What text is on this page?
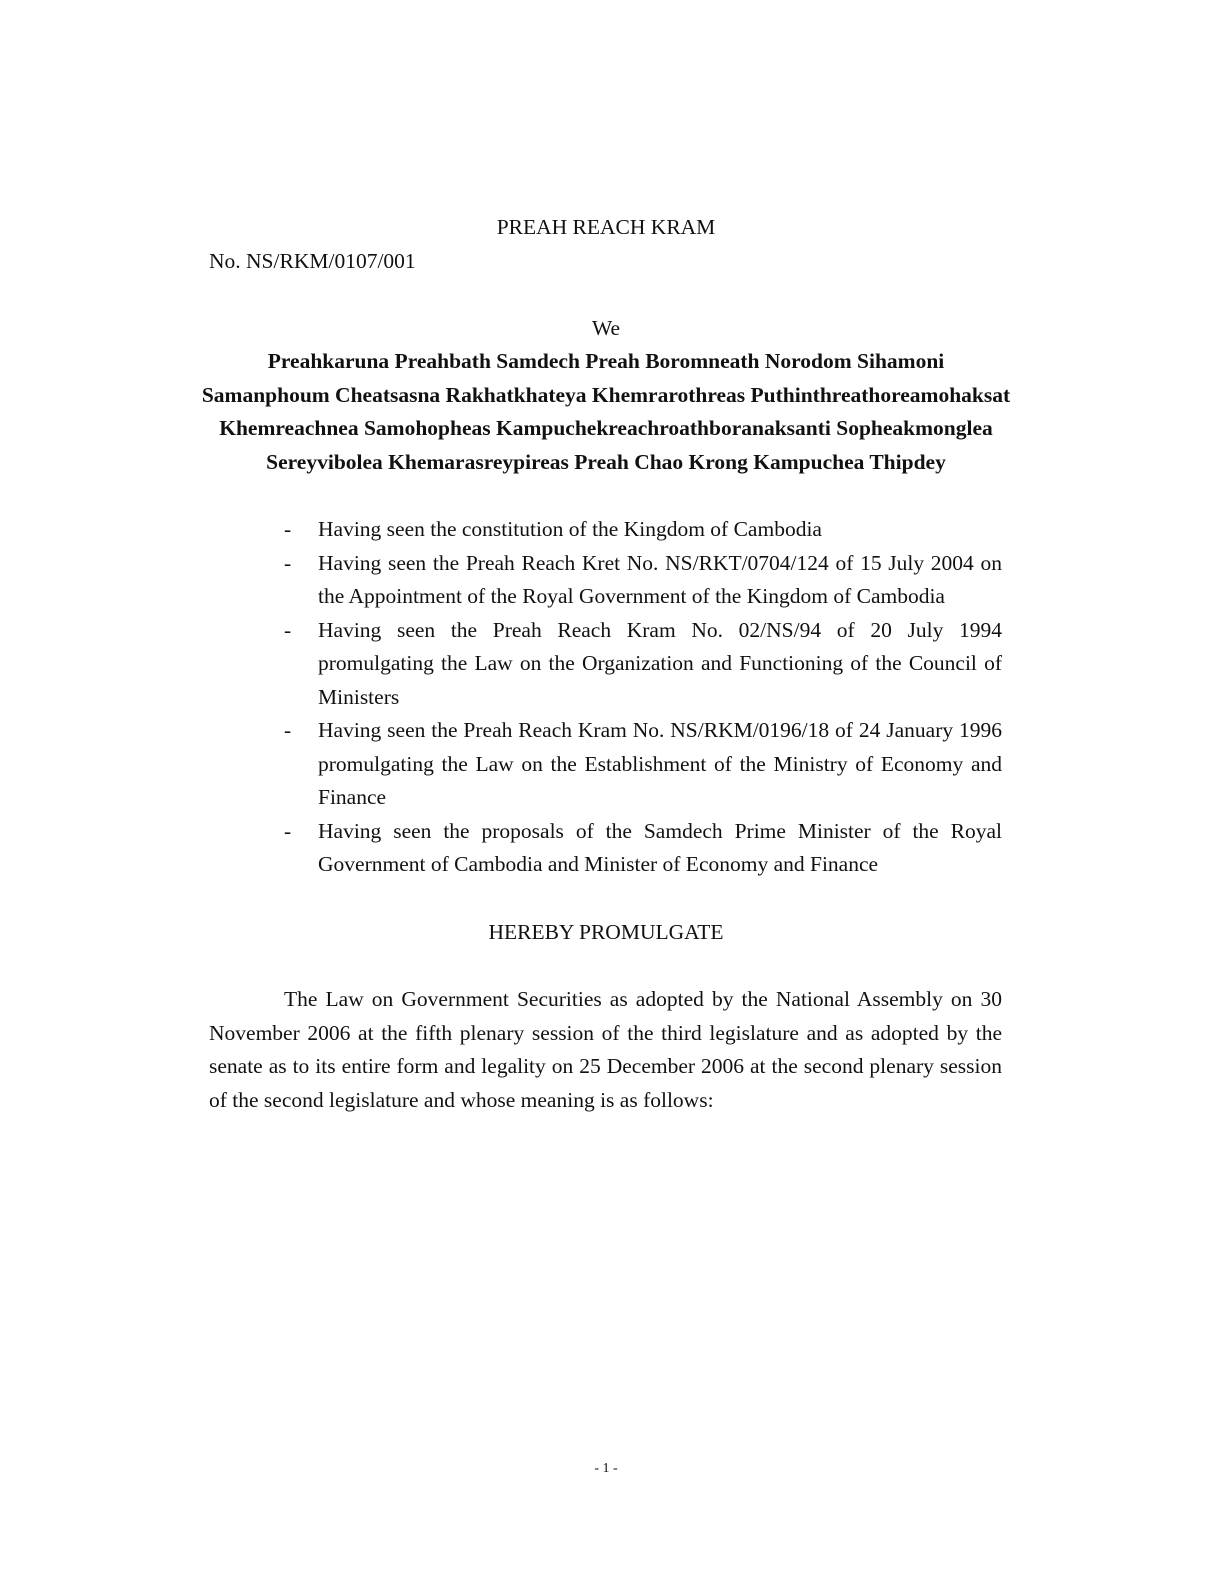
PREAH REACH KRAM
No. NS/RKM/0107/001
We
Preahkaruna Preahbath Samdech Preah Boromneath Norodom Sihamoni
Samanphoum Cheatsasna Rakhatkhateya Khemrarothreas Puthinthreathoreamohaksat
Khemreachnea Samohopheas Kampuchekreachroathboranaksanti Sopheakmonglea
Sereyvibolea Khemarasreypireas Preah Chao Krong Kampuchea Thipdey
- Having seen the constitution of the Kingdom of Cambodia
- Having seen the Preah Reach Kret No. NS/RKT/0704/124 of 15 July 2004 on the Appointment of the Royal Government of the Kingdom of Cambodia
- Having seen the Preah Reach Kram No. 02/NS/94 of 20 July 1994 promulgating the Law on the Organization and Functioning of the Council of Ministers
- Having seen the Preah Reach Kram No. NS/RKM/0196/18 of 24 January 1996 promulgating the Law on the Establishment of the Ministry of Economy and Finance
- Having seen the proposals of the Samdech Prime Minister of the Royal Government of Cambodia and Minister of Economy and Finance
HEREBY PROMULGATE

The Law on Government Securities as adopted by the National Assembly on 30 November 2006 at the fifth plenary session of the third legislature and as adopted by the senate as to its entire form and legality on 25 December 2006 at the second plenary session of the second legislature and whose meaning is as follows:

- 1 -
